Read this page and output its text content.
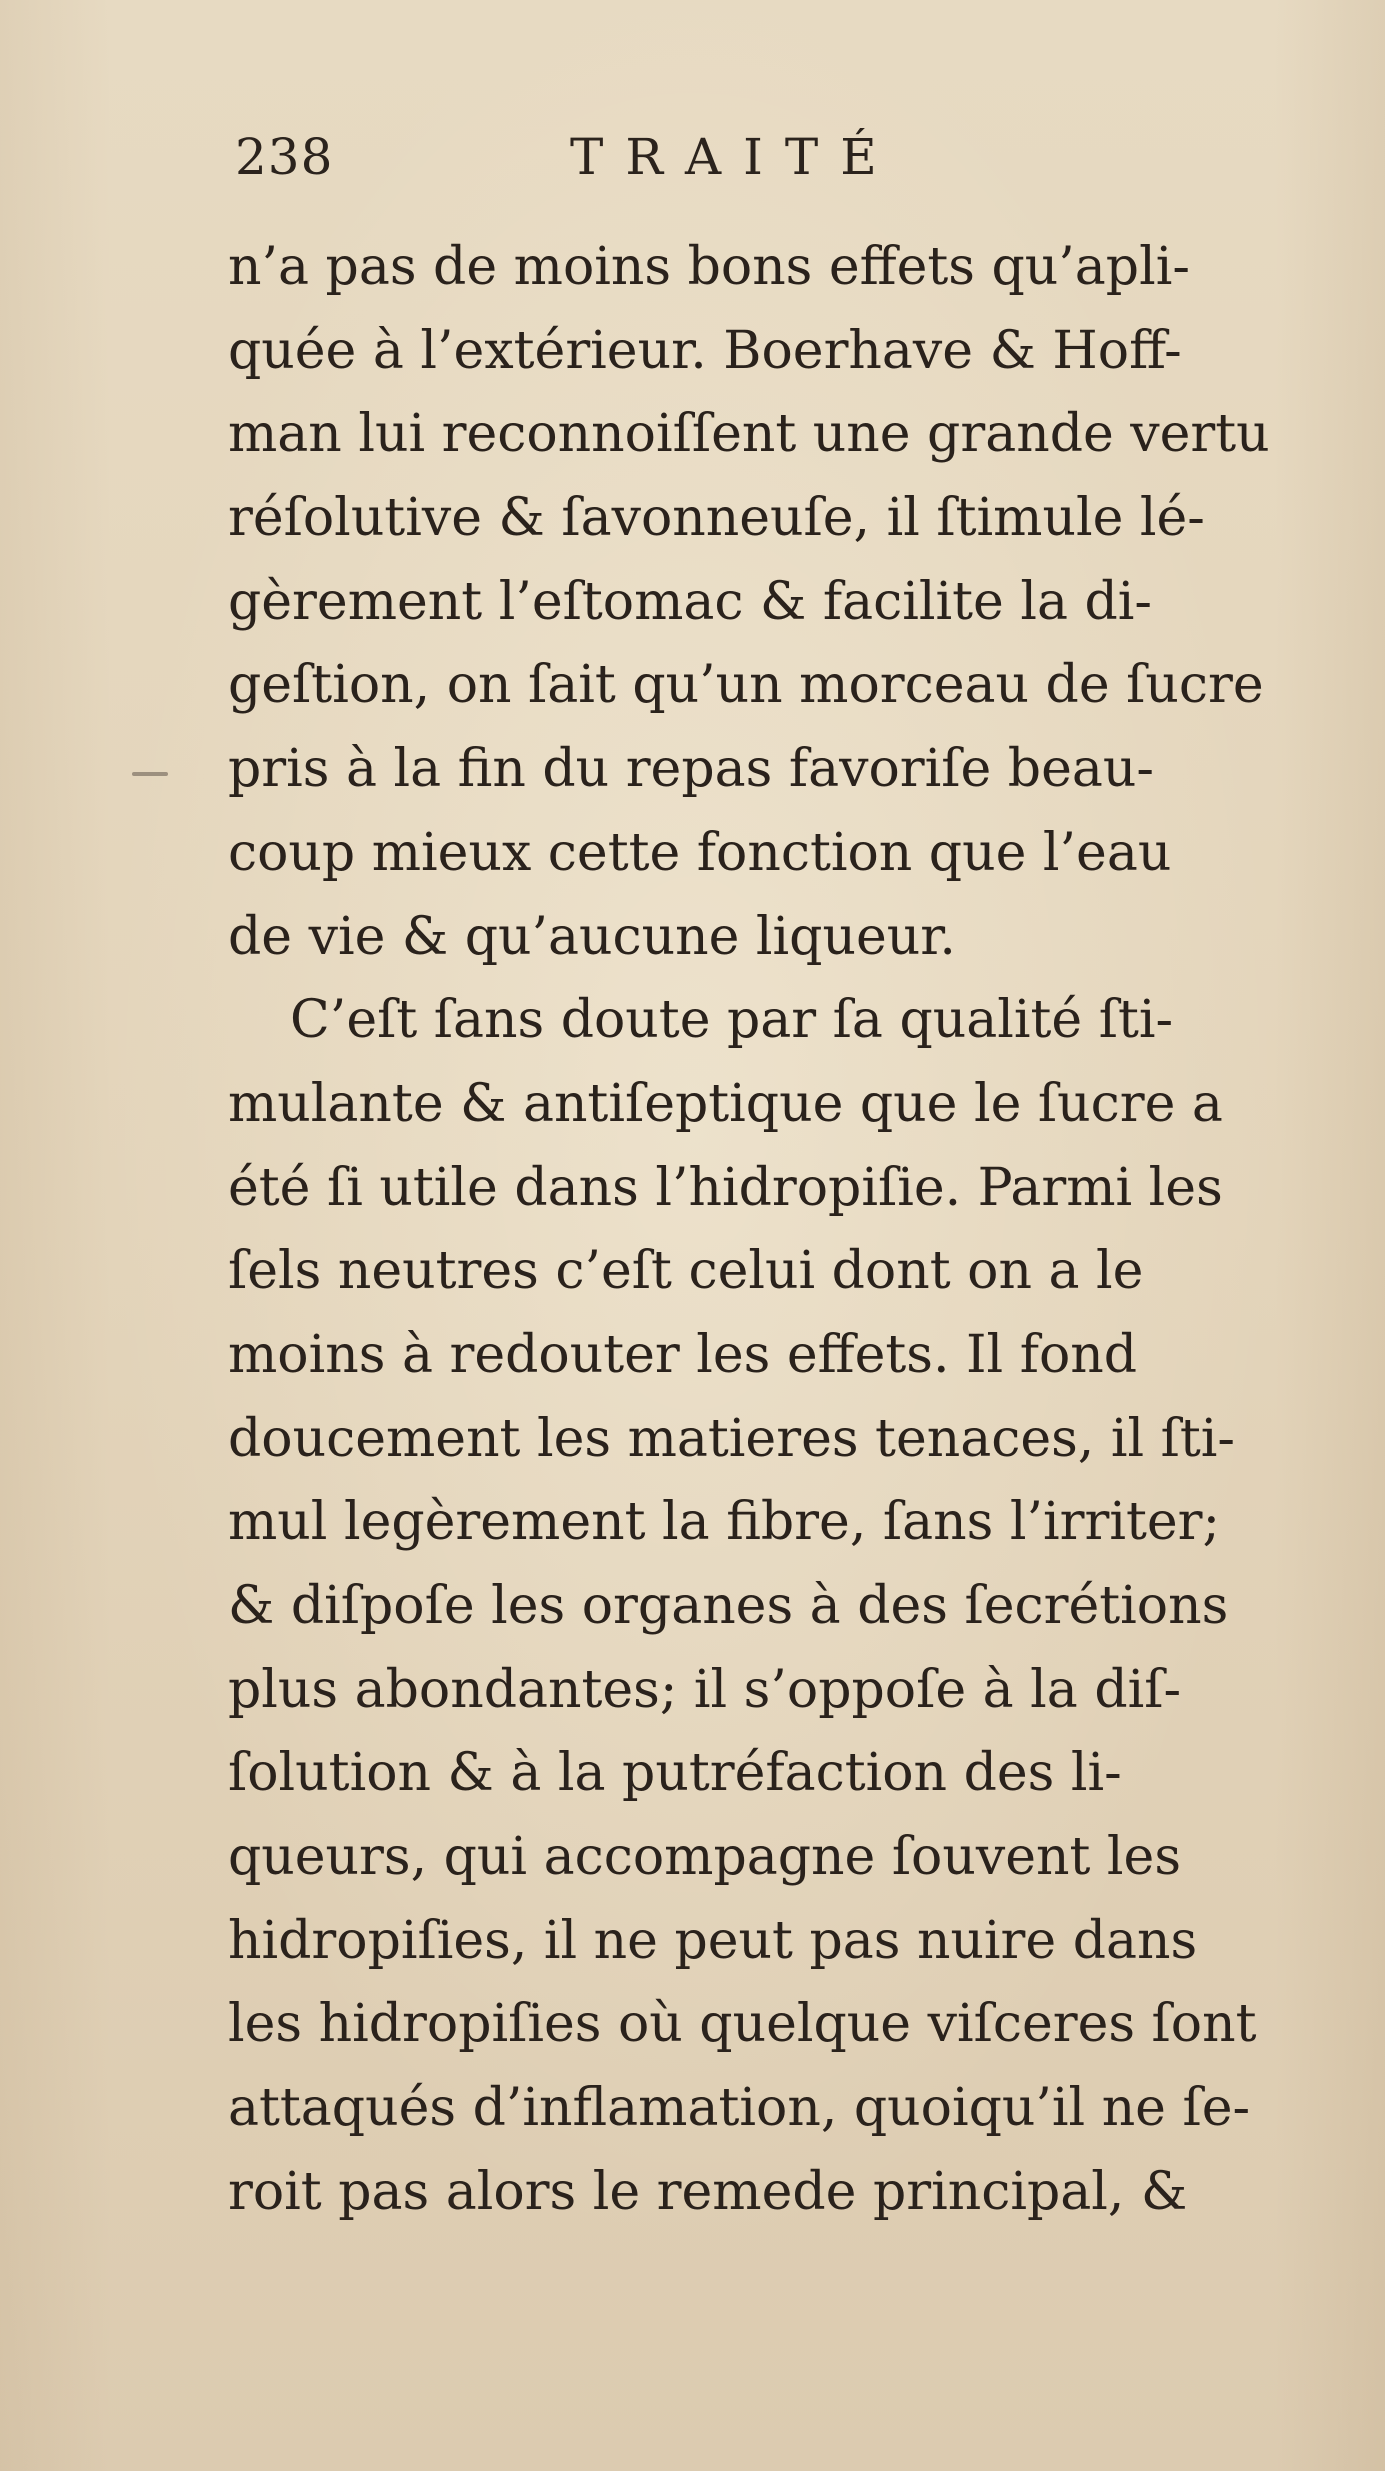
238	TRAITÉ
n’a pas de moins bons effets qu’apli-
quée à l’extérieur. Boerhave & Hoff-
man lui reconnoiſſent une grande vertu
réſolutive & ſavonneuſe, il ſtimule lé-
gèrement l’eſtomac & facilite la di-
geſtion, on ſait qu’un morceau de ſucre
pris à la fin du repas favoriſe beau-
coup mieux cette fonction que l’eau
de vie & qu’aucune liqueur.
C’eſt ſans doute par ſa qualité ſti-
mulante & antiſeptique que le ſucre a
été ſi utile dans l’hidropiſie. Parmi les
ſels neutres c’eſt celui dont on a le
moins à redouter les effets. Il fond
doucement les matieres tenaces, il ſti-
mul legèrement la fibre, ſans l’irriter;
& diſpoſe les organes à des ſecrétions
plus abondantes; il s’oppoſe à la diſ-
ſolution & à la putréfaction des li-
queurs, qui accompagne ſouvent les
hidropiſies, il ne peut pas nuire dans
les hidropiſies où quelque viſceres ſont
attaqués d’inflamation, quoiqu’il ne ſe-
roit pas alors le remede principal, &
